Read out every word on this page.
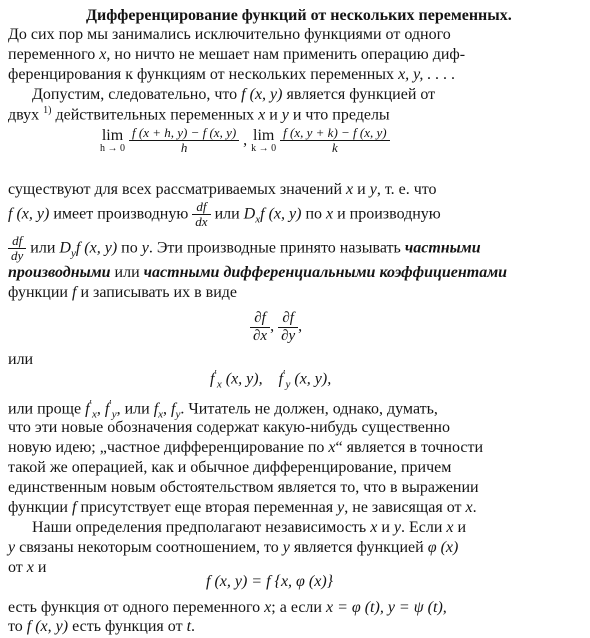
Дифференцирование функций от нескольких переменных.
До сих пор мы занимались исключительно функциями от одного
переменного x, но ничто не мешает нам применить операцию диф-
ференцирования к функциям от нескольких переменных x, y, . . . .
Допустим, следовательно, что f (x, y) является функцией от
двух $^{1)}$ действительных переменных x и y и что пределы
lim
h → 0
$\frac{f (x + h, y) - f (x, y)}{h}$ , lim
k → 0
$\frac{f (x, y + k) - f (x, y)}{k}$
существуют для всех рассматриваемых значений x и y, т. е. что
f (x, y) имеет производную $\frac{df}{dx}$ или $D_xf$ (x, y) по x и производную
$\frac{df}{dy}$ или $D_yf$ (x, y) по y. Эти производные принято называть частными
производными или частными дифференциальными коэффициентами
функции f и записывать их в виде
$\frac{\partial f}{\partial x}$ , $\frac{\partial f}{\partial y}$ ,
или
$f'_x$ (x, y), $f'_y$ (x, y),
или проще $f'_x$, $f'_y$, или $f_x$, $f_y$. Читатель не должен, однако, думать,
что эти новые обозначения содержат какую-нибудь существенно
новую идею; „частное дифференцирование по x“ является в точности
такой же операцией, как и обычное дифференцирование, причем
единственным новым обстоятельством является то, что в выражении
функции f присутствует еще вторая переменная y, не зависящая от x.
Наши определения предполагают независимость x и y. Если x и
y связаны некоторым соотношением, то y является функцией φ (x)
от x и
f (x, y) = f {x, φ (x)}
есть функция от одного переменного x; а если x = φ (t), y = ψ (t),
то f (x, y) есть функция от t.
